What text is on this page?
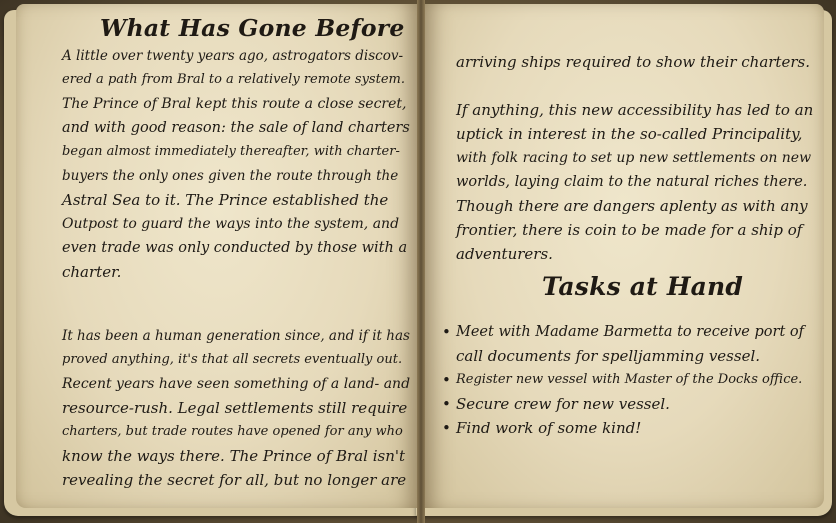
What Has Gone Before

A little over twenty years ago, astrogators discov-

ered a path from Bral to a relatively remote system.

The Prince of Bral kept this route a close secret,

and with good reason: the sale of land charters

began almost immediately thereafter, with charter-

buyers the only ones given the route through the

Astral Sea to it. The Prince established the

Outpost to guard the ways into the system, and

even trade was only conducted by those with a

charter.

It has been a human generation since, and if it has

proved anything, it's that all secrets eventually out.

Recent years have seen something of a land- and

resource-rush. Legal settlements still require

charters, but trade routes have opened for any who

know the ways there. The Prince of Bral isn't

revealing the secret for all, but no longer are

arriving ships required to show their charters.

If anything, this new accessibility has led to an

uptick in interest in the so-called Principality,

with folk racing to set up new settlements on new

worlds, laying claim to the natural riches there.

Though there are dangers aplenty as with any

frontier, there is coin to be made for a ship of

adventurers.

Tasks at Hand
• Meet with Madame Barmetta to receive port of

call documents for spelljamming vessel.

• Register new vessel with Master of the Docks office.

• Secure crew for new vessel.

• Find work of some kind!
